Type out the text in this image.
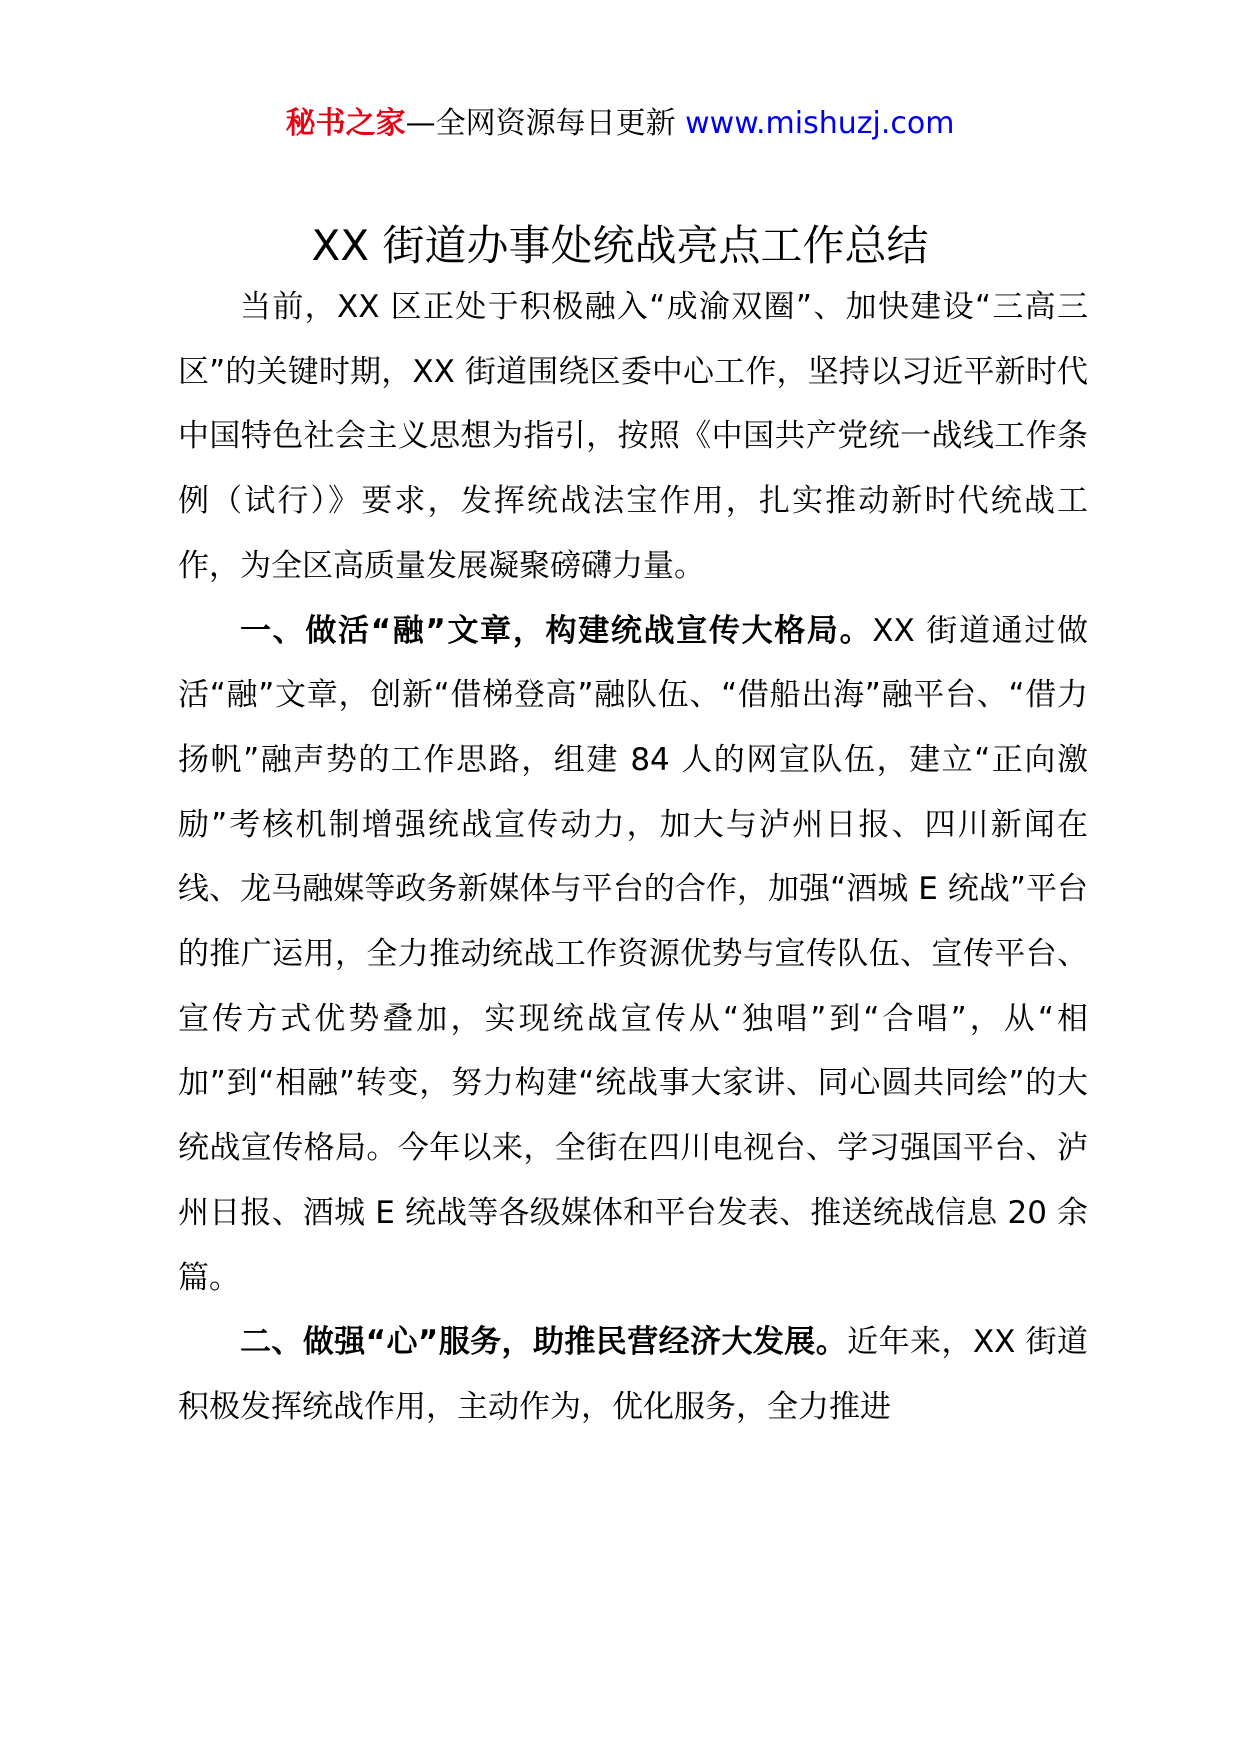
秘书之家—全网资源每日更新 www.mishuzj.com
XX 街道办事处统战亮点工作总结

当前，XX 区正处于积极融入“成渝双圈”、加快建设“三高三区”的关键时期，XX 街道围绕区委中心工作，坚持以习近平新时代中国特色社会主义思想为指引，按照《中国共产党统一战线工作条例（试行）》要求，发挥统战法宝作用，扎实推动新时代统战工作，为全区高质量发展凝聚磅礴力量。

一、做活“融”文章，构建统战宣传大格局。XX 街道通过做活“融”文章，创新“借梯登高”融队伍、“借船出海”融平台、“借力扬帆”融声势的工作思路，组建 84 人的网宣队伍，建立“正向激励”考核机制增强统战宣传动力，加大与泸州日报、四川新闻在线、龙马融媒等政务新媒体与平台的合作，加强“酒城 E 统战”平台的推广运用，全力推动统战工作资源优势与宣传队伍、宣传平台、宣传方式优势叠加，实现统战宣传从“独唱”到“合唱”，从“相加”到“相融”转变，努力构建“统战事大家讲、同心圆共同绘”的大统战宣传格局。今年以来，全街在四川电视台、学习强国平台、泸州日报、酒城 E 统战等各级媒体和平台发表、推送统战信息 20 余篇。

二、做强“心”服务，助推民营经济大发展。近年来，XX 街道积极发挥统战作用，主动作为，优化服务，全力推进
